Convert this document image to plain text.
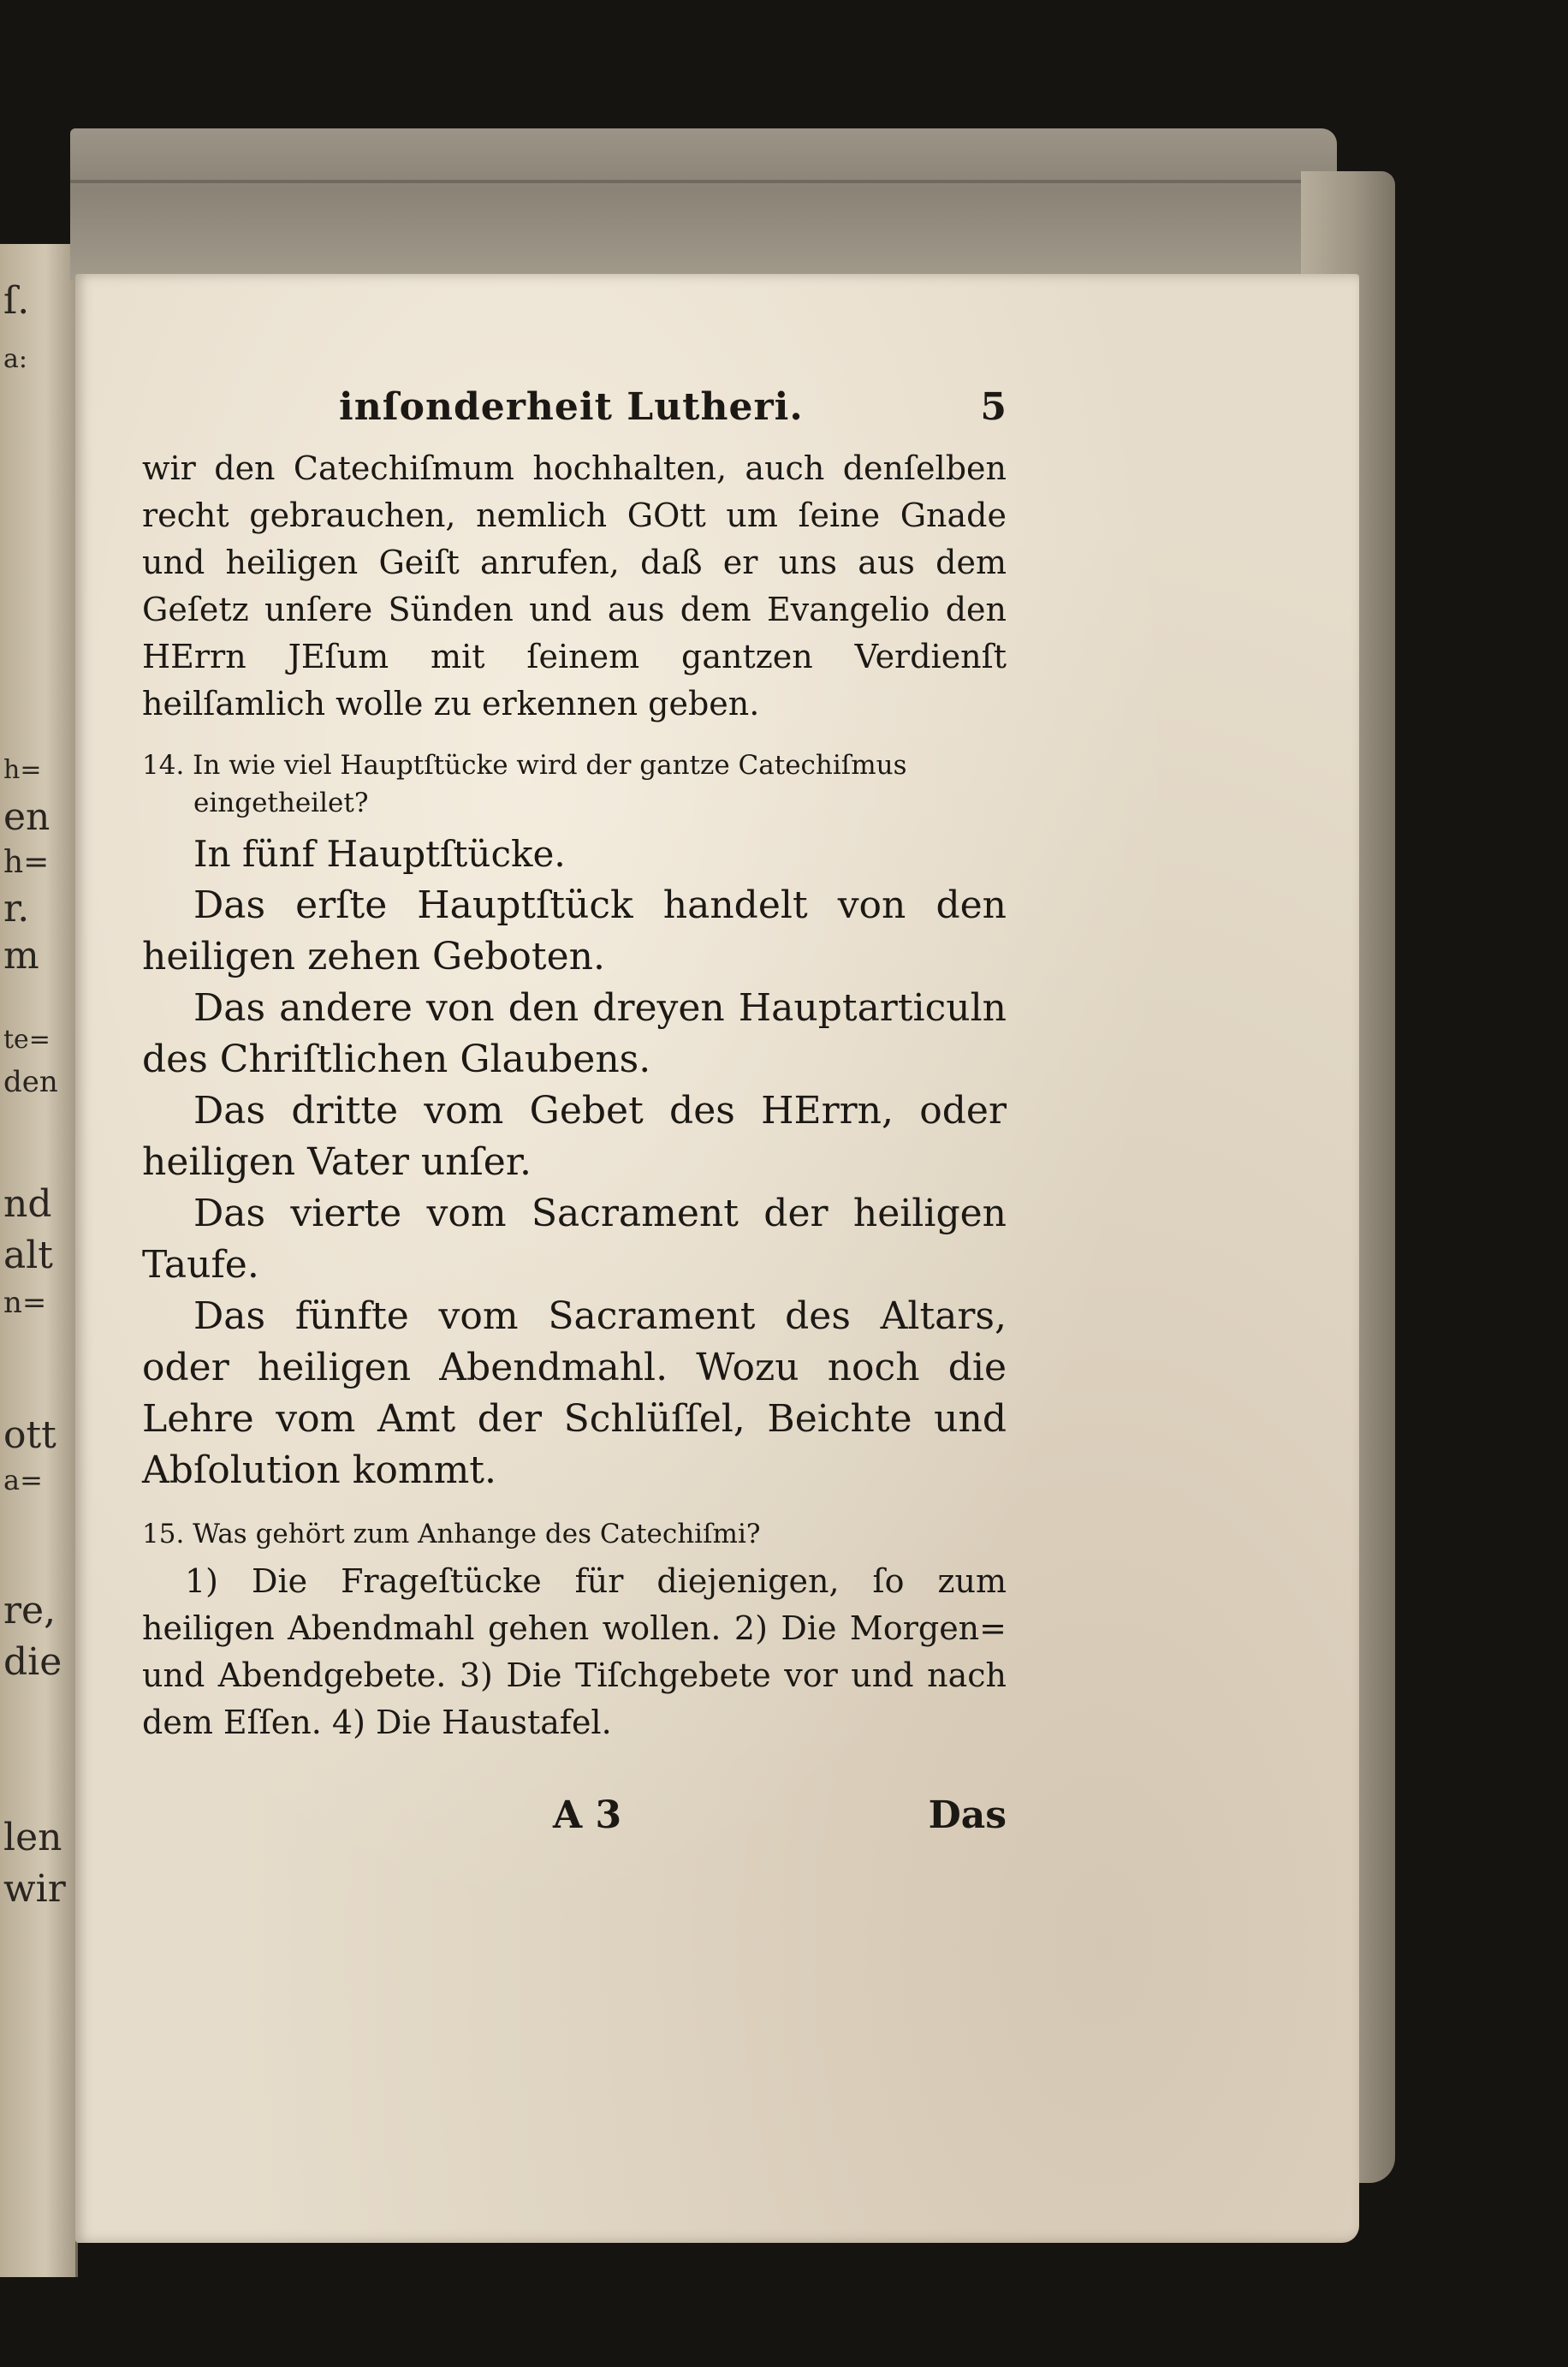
ſ.
a:
h=
en
h=
r.
m
te=
den
nd
alt
n=
ott
a=
re,
die
len
wir
inſonderheit Lutheri.	5

wir den Catechiſmum hochhalten, auch denſelben recht gebrauchen, nemlich GOtt um ſeine Gnade und heiligen Geiſt anrufen, daß er uns aus dem Geſetz unſere Sünden und aus dem Evangelio den HErrn JEſum mit ſeinem gantzen Verdienſt heilſamlich wolle zu erkennen geben.

14. In wie viel Hauptſtücke wird der gantze Catechiſmus eingetheilet?

In fünf Hauptſtücke.

Das erſte Hauptſtück handelt von den heiligen zehen Geboten.

Das andere von den dreyen Hauptarticuln des Chriſtlichen Glaubens.

Das dritte vom Gebet des HErrn, oder heiligen Vater unſer.

Das vierte vom Sacrament der heiligen Taufe.

Das fünfte vom Sacrament des Altars, oder heiligen Abendmahl. Wozu noch die Lehre vom Amt der Schlüſſel, Beichte und Abſolution kommt.

15. Was gehört zum Anhange des Catechiſmi?

1) Die Frageſtücke für diejenigen, ſo zum heiligen Abendmahl gehen wollen. 2) Die Morgen= und Abendgebete. 3) Die Tiſchgebete vor und nach dem Eſſen. 4) Die Haustafel.

A 3	Das
